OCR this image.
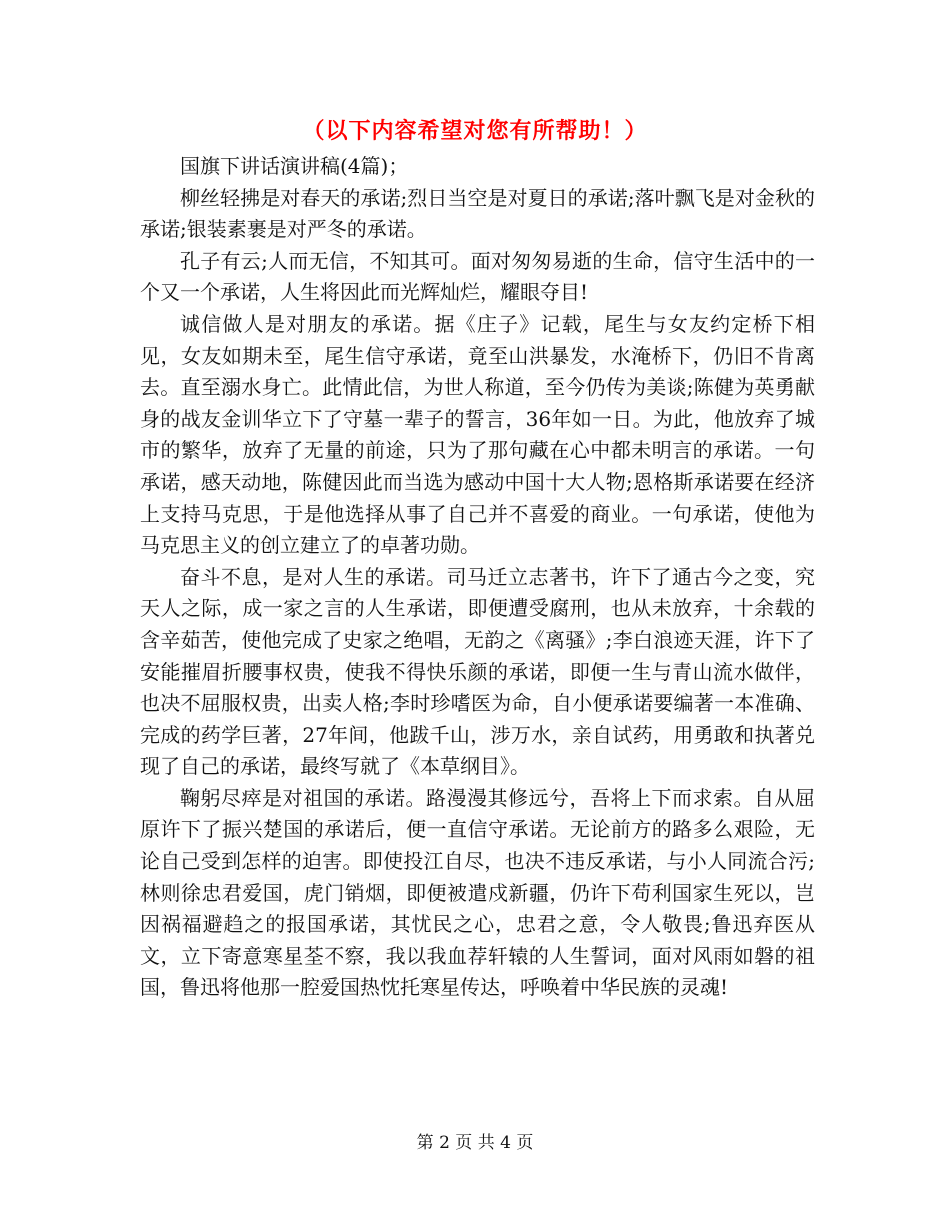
（以下内容希望对您有所帮助！）

国旗下讲话演讲稿(4篇)；

柳丝轻拂是对春天的承诺;烈日当空是对夏日的承诺;落叶飘飞是对金秋的承诺;银装素裹是对严冬的承诺。

孔子有云;人而无信，不知其可。面对匆匆易逝的生命，信守生活中的一个又一个承诺，人生将因此而光辉灿烂，耀眼夺目!

诚信做人是对朋友的承诺。据《庄子》记载，尾生与女友约定桥下相见，女友如期未至，尾生信守承诺，竟至山洪暴发，水淹桥下，仍旧不肯离去。直至溺水身亡。此情此信，为世人称道，至今仍传为美谈;陈健为英勇献身的战友金训华立下了守墓一辈子的誓言，36年如一日。为此，他放弃了城市的繁华，放弃了无量的前途，只为了那句藏在心中都未明言的承诺。一句承诺，感天动地，陈健因此而当选为感动中国十大人物;恩格斯承诺要在经济上支持马克思，于是他选择从事了自己并不喜爱的商业。一句承诺，使他为马克思主义的创立建立了的卓著功勋。

奋斗不息，是对人生的承诺。司马迁立志著书，许下了通古今之变，究天人之际，成一家之言的人生承诺，即便遭受腐刑，也从未放弃，十余载的含辛茹苦，使他完成了史家之绝唱，无韵之《离骚》;李白浪迹天涯，许下了安能摧眉折腰事权贵，使我不得快乐颜的承诺，即便一生与青山流水做伴，也决不屈服权贵，出卖人格;李时珍嗜医为命，自小便承诺要编著一本准确、完成的药学巨著，27年间，他跋千山，涉万水，亲自试药，用勇敢和执著兑现了自己的承诺，最终写就了《本草纲目》。

鞠躬尽瘁是对祖国的承诺。路漫漫其修远兮，吾将上下而求索。自从屈原许下了振兴楚国的承诺后，便一直信守承诺。无论前方的路多么艰险，无论自己受到怎样的迫害。即使投江自尽，也决不违反承诺，与小人同流合污;林则徐忠君爱国，虎门销烟，即便被遣戍新疆，仍许下苟利国家生死以，岂因祸福避趋之的报国承诺，其忧民之心，忠君之意，令人敬畏;鲁迅弃医从文，立下寄意寒星荃不察，我以我血荐轩辕的人生誓词，面对风雨如磐的祖国，鲁迅将他那一腔爱国热忱托寒星传达，呼唤着中华民族的灵魂!

第 2 页 共 4 页
